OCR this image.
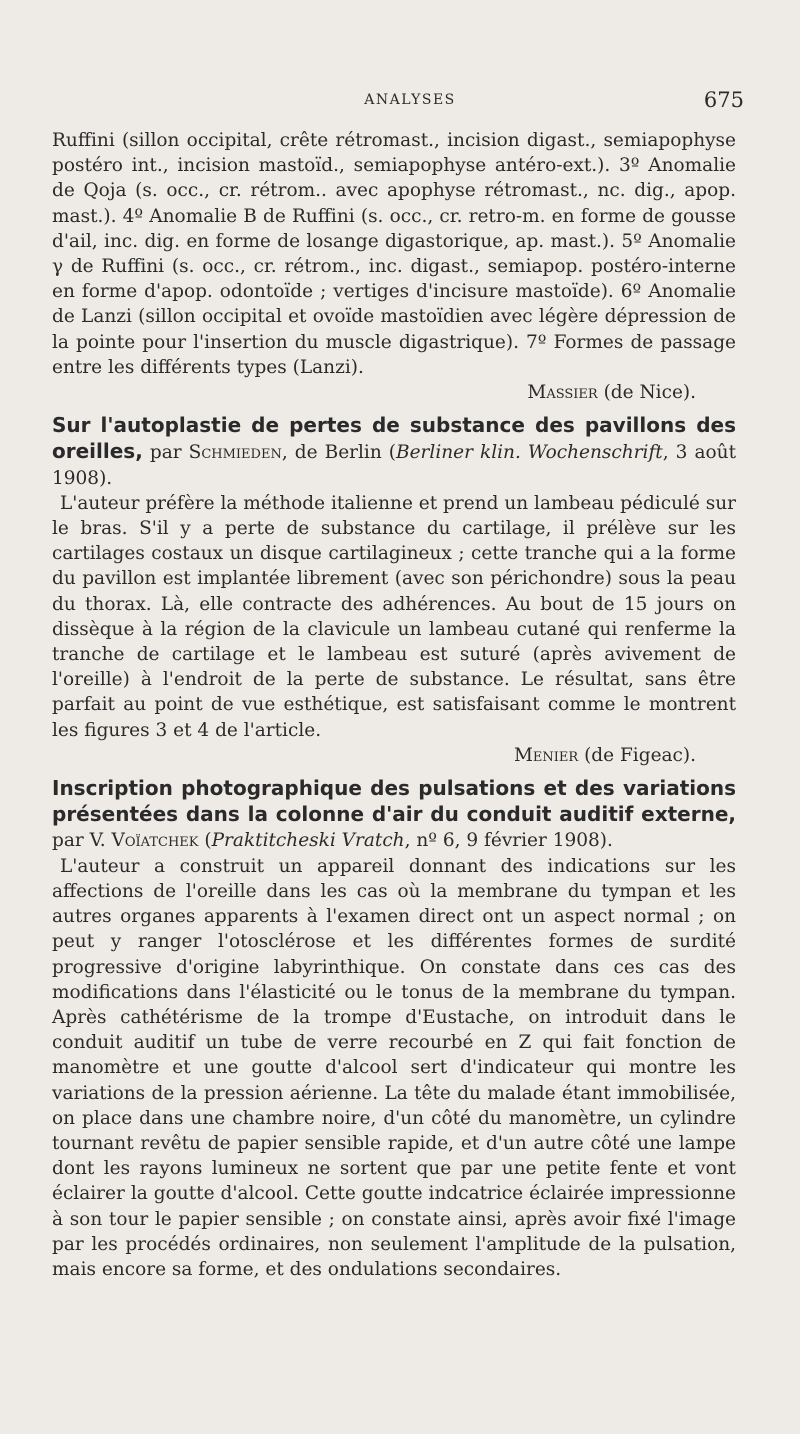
ANALYSES	675

Ruffini (sillon occipital, crête rétromast., incision digast., semiapophyse postéro int., incision mastoïd., semiapophyse antéro-ext.). 3º Anomalie de Qoja (s. occ., cr. rétrom.. avec apophyse rétromast., nc. dig., apop. mast.). 4º Anomalie B de Ruffini (s. occ., cr. retro-m. en forme de gousse d'ail, inc. dig. en forme de losange digastorique, ap. mast.). 5º Anomalie γ de Ruffini (s. occ., cr. rétrom., inc. digast., semiapop. postéro-interne en forme d'apop. odontoïde ; vertiges d'incisure mastoïde). 6º Anomalie de Lanzi (sillon occipital et ovoïde mastoïdien avec légère dépression de la pointe pour l'insertion du muscle digastrique). 7º Formes de passage entre les différents types (Lanzi).

Massier (de Nice).

Sur l'autoplastie de pertes de substance des pavillons des oreilles, par Schmieden, de Berlin (Berliner klin. Wochenschrift, 3 août 1908).

L'auteur préfère la méthode italienne et prend un lambeau pédiculé sur le bras. S'il y a perte de substance du cartilage, il prélève sur les cartilages costaux un disque cartilagineux ; cette tranche qui a la forme du pavillon est implantée librement (avec son périchondre) sous la peau du thorax. Là, elle contracte des adhérences. Au bout de 15 jours on dissèque à la région de la clavicule un lambeau cutané qui renferme la tranche de cartilage et le lambeau est suturé (après avivement de l'oreille) à l'endroit de la perte de substance. Le résultat, sans être parfait au point de vue esthétique, est satisfaisant comme le montrent les figures 3 et 4 de l'article.

Menier (de Figeac).

Inscription photographique des pulsations et des variations présentées dans la colonne d'air du conduit auditif externe, par V. Voïatchek (Praktitcheski Vratch, nº 6, 9 février 1908).

L'auteur a construit un appareil donnant des indications sur les affections de l'oreille dans les cas où la membrane du tympan et les autres organes apparents à l'examen direct ont un aspect normal ; on peut y ranger l'otosclérose et les différentes formes de surdité progressive d'origine labyrinthique. On constate dans ces cas des modifications dans l'élasticité ou le tonus de la membrane du tympan. Après cathétérisme de la trompe d'Eustache, on introduit dans le conduit auditif un tube de verre recourbé en Z qui fait fonction de manomètre et une goutte d'alcool sert d'indicateur qui montre les variations de la pression aérienne. La tête du malade étant immobilisée, on place dans une chambre noire, d'un côté du manomètre, un cylindre tournant revêtu de papier sensible rapide, et d'un autre côté une lampe dont les rayons lumineux ne sortent que par une petite fente et vont éclairer la goutte d'alcool. Cette goutte indcatrice éclairée impressionne à son tour le papier sensible ; on constate ainsi, après avoir fixé l'image par les procédés ordinaires, non seulement l'amplitude de la pulsation, mais encore sa forme, et des ondulations secondaires.
